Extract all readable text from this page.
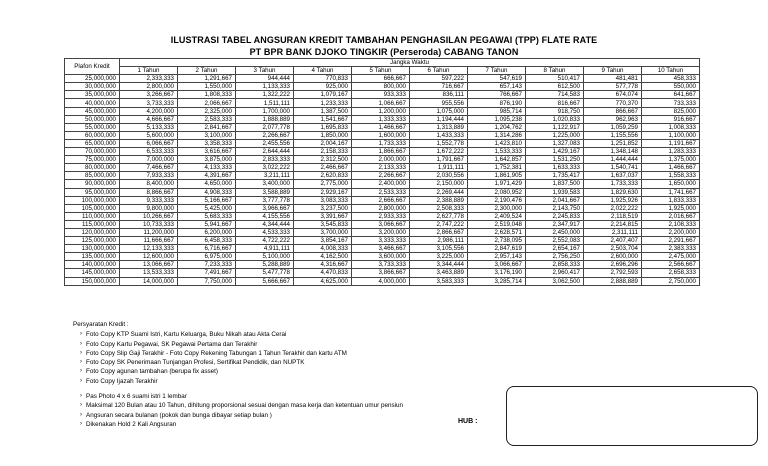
ILUSTRASI TABEL ANGSURAN KREDIT TAMBAHAN PENGHASILAN PEGAWAI (TPP) FLATE RATE
PT BPR BANK DJOKO TINGKIR (Perseroda) CABANG TANON
Plafon Kredit	Jangka Waktu									
	1 Tahun	2 Tahun	3 Tahun	4 Tahun	5 Tahun	6 Tahun	7 Tahun	8 Tahun	9 Tahun	10 Tahun
25,000,000	2,333,333	1,291,667	944,444	770,833	666,667	597,222	547,619	510,417	481,481	458,333
30,000,000	2,800,000	1,550,000	1,133,333	925,000	800,000	716,667	657,143	612,500	577,778	550,000
35,000,000	3,266,667	1,808,333	1,322,222	1,079,167	933,333	836,111	766,667	714,583	674,074	641,667
40,000,000	3,733,333	2,066,667	1,511,111	1,233,333	1,066,667	955,556	876,190	816,667	770,370	733,333
45,000,000	4,200,000	2,325,000	1,700,000	1,387,500	1,200,000	1,075,000	985,714	918,750	866,667	825,000
50,000,000	4,666,667	2,583,333	1,888,889	1,541,667	1,333,333	1,194,444	1,095,238	1,020,833	962,963	916,667
55,000,000	5,133,333	2,841,667	2,077,778	1,695,833	1,466,667	1,313,889	1,204,762	1,122,917	1,059,259	1,008,333
60,000,000	5,600,000	3,100,000	2,266,667	1,850,000	1,600,000	1,433,333	1,314,286	1,225,000	1,155,556	1,100,000
65,000,000	6,066,667	3,358,333	2,455,556	2,004,167	1,733,333	1,552,778	1,423,810	1,327,083	1,251,852	1,191,667
70,000,000	6,533,333	3,616,667	2,644,444	2,158,333	1,866,667	1,672,222	1,533,333	1,429,167	1,348,148	1,283,333
75,000,000	7,000,000	3,875,000	2,833,333	2,312,500	2,000,000	1,791,667	1,642,857	1,531,250	1,444,444	1,375,000
80,000,000	7,466,667	4,133,333	3,022,222	2,466,667	2,133,333	1,911,111	1,752,381	1,633,333	1,540,741	1,466,667
85,000,000	7,933,333	4,391,667	3,211,111	2,620,833	2,266,667	2,030,556	1,861,905	1,735,417	1,637,037	1,558,333
90,000,000	8,400,000	4,650,000	3,400,000	2,775,000	2,400,000	2,150,000	1,971,429	1,837,500	1,733,333	1,650,000
95,000,000	8,866,667	4,908,333	3,588,889	2,929,167	2,533,333	2,269,444	2,080,952	1,939,583	1,829,630	1,741,667
100,000,000	9,333,333	5,166,667	3,777,778	3,083,333	2,666,667	2,388,889	2,190,476	2,041,667	1,925,926	1,833,333
105,000,000	9,800,000	5,425,000	3,966,667	3,237,500	2,800,000	2,508,333	2,300,000	2,143,750	2,022,222	1,925,000
110,000,000	10,266,667	5,683,333	4,155,556	3,391,667	2,933,333	2,627,778	2,409,524	2,245,833	2,118,519	2,016,667
115,000,000	10,733,333	5,941,667	4,344,444	3,545,833	3,066,667	2,747,222	2,519,048	2,347,917	2,214,815	2,108,333
120,000,000	11,200,000	6,200,000	4,533,333	3,700,000	3,200,000	2,866,667	2,628,571	2,450,000	2,311,111	2,200,000
125,000,000	11,666,667	6,458,333	4,722,222	3,854,167	3,333,333	2,986,111	2,738,095	2,552,083	2,407,407	2,291,667
130,000,000	12,133,333	6,716,667	4,911,111	4,008,333	3,466,667	3,105,556	2,847,619	2,654,167	2,503,704	2,383,333
135,000,000	12,600,000	6,975,000	5,100,000	4,162,500	3,600,000	3,225,000	2,957,143	2,756,250	2,600,000	2,475,000
140,000,000	13,066,667	7,233,333	5,288,889	4,316,667	3,733,333	3,344,444	3,066,667	2,858,333	2,696,296	2,566,667
145,000,000	13,533,333	7,491,667	5,477,778	4,470,833	3,866,667	3,463,889	3,176,190	2,960,417	2,792,593	2,658,333
150,000,000	14,000,000	7,750,000	5,666,667	4,625,000	4,000,000	3,583,333	3,285,714	3,062,500	2,888,889	2,750,000
Persyaratan Kredit :
› Foto Copy KTP Suami Istri, Kartu Keluarga, Buku Nikah atau Akta Cerai
› Foto Copy Kartu Pegawai, SK Pegawai Pertama dan Terakhir
› Foto Copy Slip Gaji Terakhir - Foto Copy Rekening Tabungan 1 Tahun Terakhir dan kartu ATM
› Foto Copy SK Penerimaan Tunjangan Profesi, Sertifikat Pendidik, dan NUPTK
› Foto Copy agunan tambahan (berupa fix asset)
› Foto Copy Ijazah Terakhir
› Pas Photo 4 x 6 suami istri 1 lembar
› Maksimal 120 Bulan atau 10 Tahun, dihitung proporsional sesuai dengan masa kerja dan ketentuan umur pensiun
› Angsuran secara bulanan (pokok dan bunga dibayar setiap bulan )
› Dikenakan Hold 2 Kali Angsuran	HUB :
